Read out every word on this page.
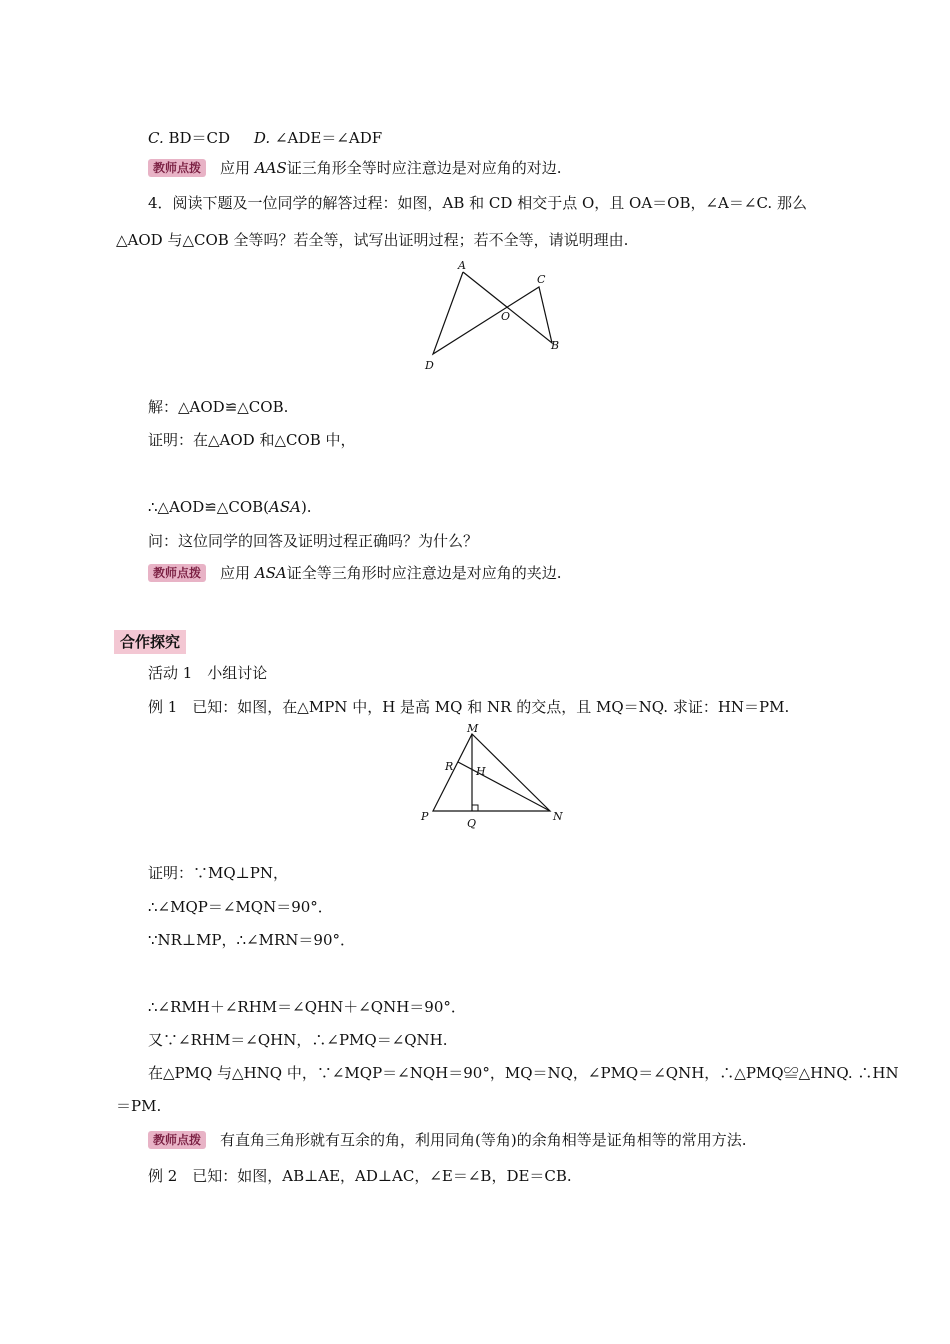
C. BD＝CD D. ∠ADE＝∠ADF
教师点拨 应用 AAS证三角形全等时应注意边是对应角的对边.
4．阅读下题及一位同学的解答过程：如图，AB 和 CD 相交于点 O，且 OA＝OB，∠A＝∠C. 那么
△AOD 与△COB 全等吗？若全等，试写出证明过程；若不全等，请说明理由.
A
C
O
B
D
解：△AOD≌△COB.
证明：在△AOD 和△COB 中，
∴△AOD≌△COB(ASA).
问：这位同学的回答及证明过程正确吗？为什么？
教师点拨 应用 ASA证全等三角形时应注意边是对应角的夹边.
合作探究
活动 1　小组讨论
例 1　已知：如图，在△MPN 中，H 是高 MQ 和 NR 的交点，且 MQ＝NQ. 求证：HN＝PM.
M
R H
P
Q
N
证明：∵MQ⊥PN，
∴∠MQP＝∠MQN＝90°．
∵NR⊥MP，∴∠MRN＝90°．
∴∠RMH＋∠RHM＝∠QHN＋∠QNH＝90°．
又∵∠RHM＝∠QHN，∴∠PMQ＝∠QNH.
在△PMQ 与△HNQ 中，∵∠MQP＝∠NQH＝90°，MQ＝NQ，∠PMQ＝∠QNH，∴△PMQ≌△HNQ. ∴HN
＝PM.
教师点拨 有直角三角形就有互余的角，利用同角(等角)的余角相等是证角相等的常用方法.
例 2　已知：如图，AB⊥AE，AD⊥AC，∠E＝∠B，DE＝CB.
